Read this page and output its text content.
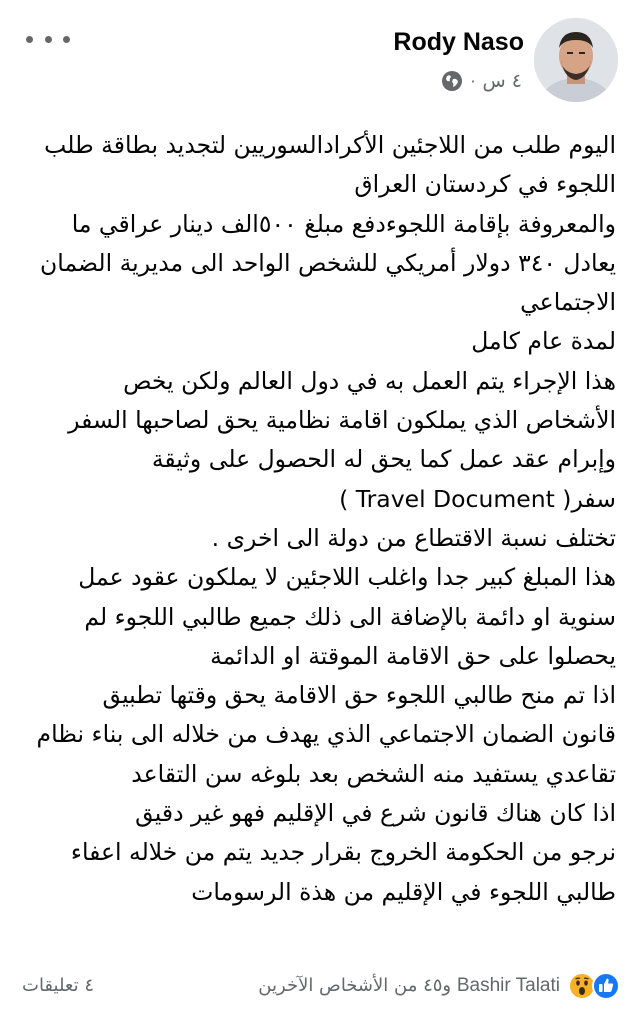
Rody Naso
٤ س
·
اليوم طلب من اللاجئين الأكرادالسوريين لتجديد بطاقة طلب
اللجوء في كردستان العراق
والمعروفة بإقامة اللجوءدفع مبلغ ٥٠٠الف دينار عراقي ما
يعادل ٣٤٠ دولار أمريكي للشخص الواحد الى مديرية الضمان
الاجتماعي
لمدة عام كامل
هذا الإجراء يتم العمل به في دول العالم ولكن يخص
الأشخاص الذي يملكون اقامة نظامية يحق لصاحبها السفر
وإبرام عقد عمل كما يحق له الحصول على وثيقة
سفر( Travel Document )
تختلف نسبة الاقتطاع من دولة الى اخرى .
هذا المبلغ كبير جدا واغلب اللاجئين لا يملكون عقود عمل
سنوية او دائمة بالإضافة الى ذلك جميع طالبي اللجوء لم
يحصلوا على حق الاقامة الموقتة او الدائمة
اذا تم منح طالبي اللجوء حق الاقامة يحق وقتها تطبيق
قانون الضمان الاجتماعي الذي يهدف من خلاله الى بناء نظام
تقاعدي يستفيد منه الشخص بعد بلوغه سن التقاعد
اذا كان هناك قانون شرع في الإقليم فهو غير دقيق
نرجو من الحكومة الخروج بقرار جديد يتم من خلاله اعفاء
طالبي اللجوء في الإقليم من هذة الرسومات
Bashir Talati و٤٥ من الأشخاص الآخرين
٤ تعليقات
